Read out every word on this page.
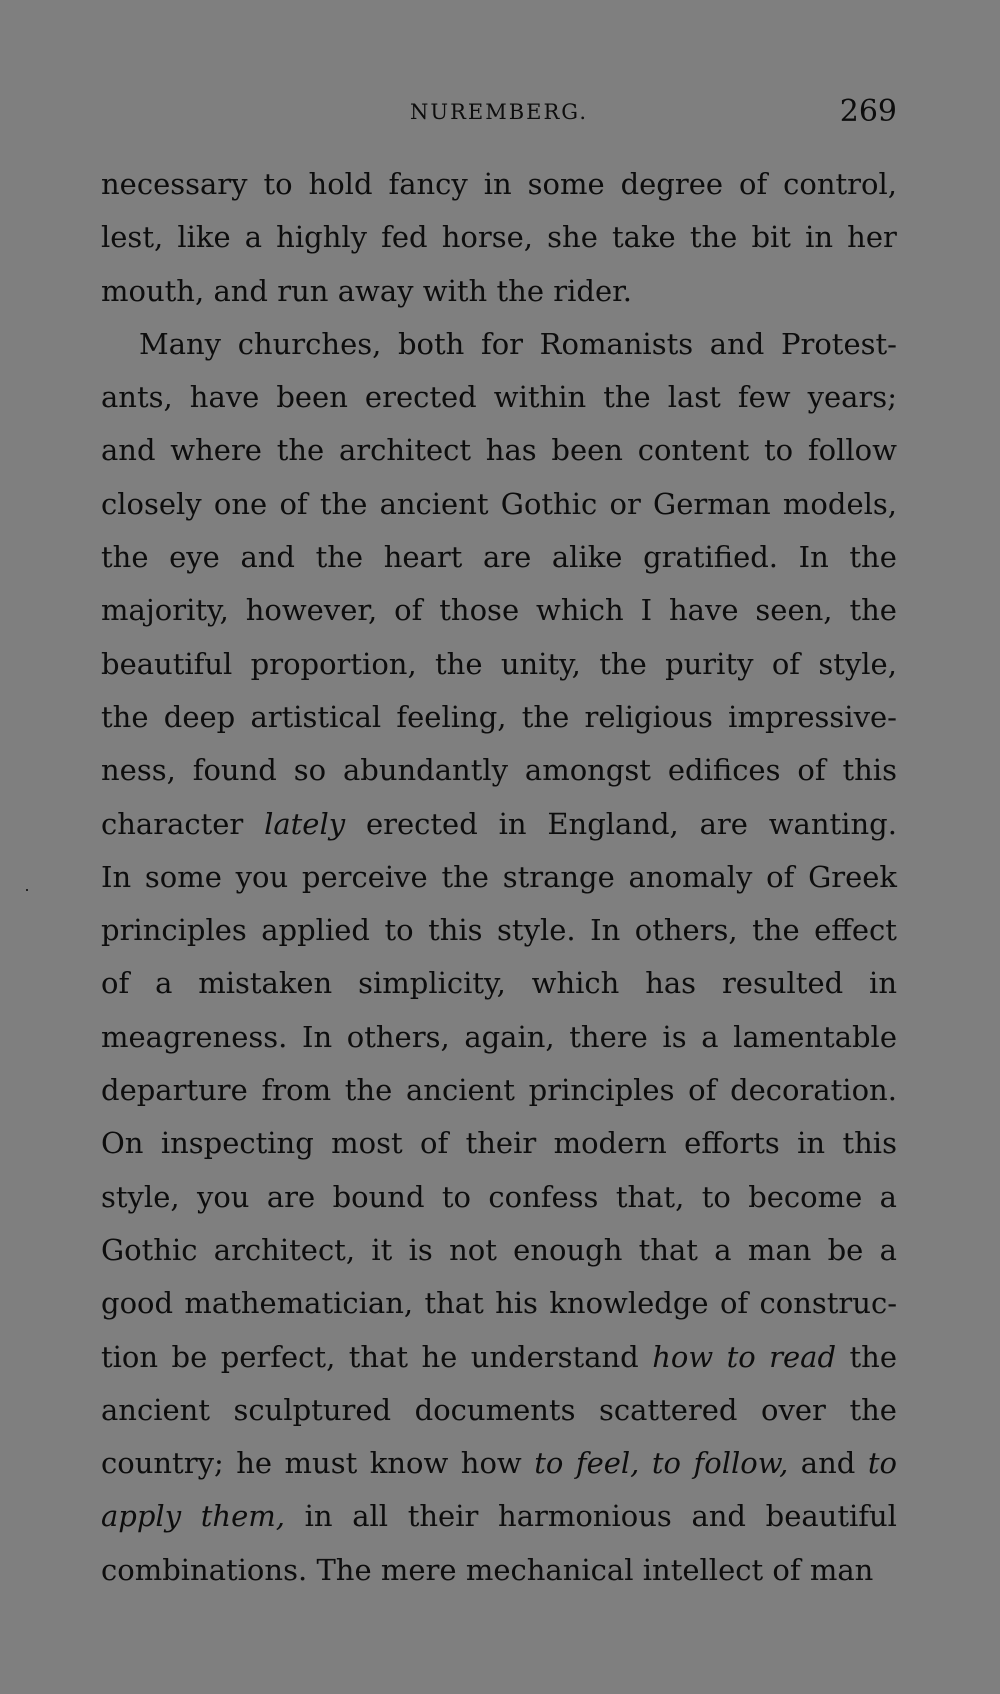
NUREMBERG.	269
necessary to hold fancy in some degree of control,
lest, like a highly fed horse, she take the bit in her
mouth, and run away with the rider.
Many churches, both for Romanists and Protest-
ants, have been erected within the last few years;
and where the architect has been content to follow
closely one of the ancient Gothic or German models,
the eye and the heart are alike gratified. In the
majority, however, of those which I have seen, the
beautiful proportion, the unity, the purity of style,
the deep artistical feeling, the religious impressive-
ness, found so abundantly amongst edifices of this
character lately erected in England, are wanting.
In some you perceive the strange anomaly of Greek
principles applied to this style. In others, the effect
of a mistaken simplicity, which has resulted in
meagreness. In others, again, there is a lamentable
departure from the ancient principles of decoration.
On inspecting most of their modern efforts in this
style, you are bound to confess that, to become a
Gothic architect, it is not enough that a man be a
good mathematician, that his knowledge of construc-
tion be perfect, that he understand how to read the
ancient sculptured documents scattered over the
country; he must know how to feel, to follow, and to
apply them, in all their harmonious and beautiful
combinations. The mere mechanical intellect of man
